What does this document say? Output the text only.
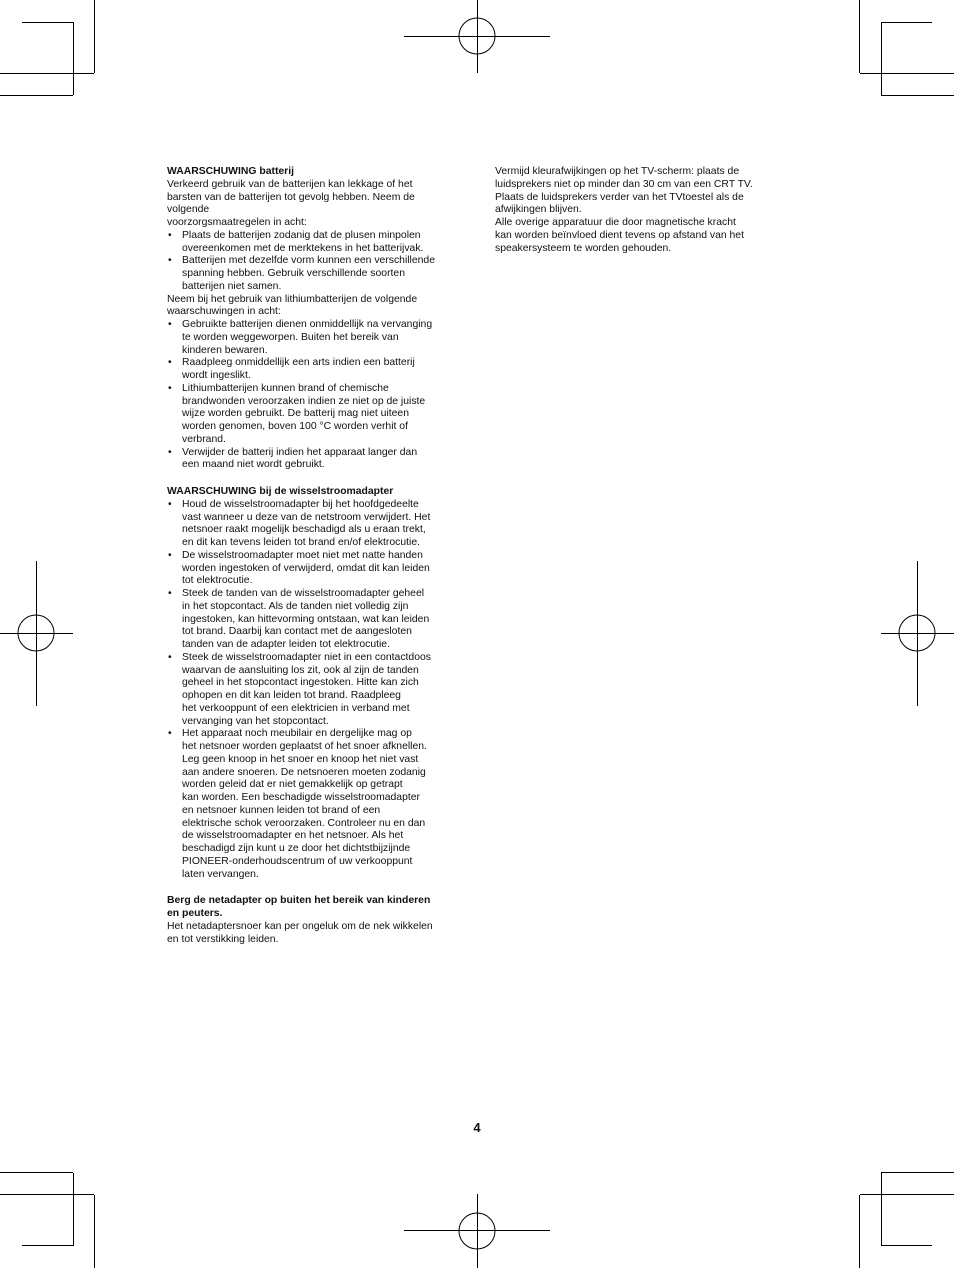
WAARSCHUWING batterij

Verkeerd gebruik van de batterijen kan lekkage of het
barsten van de batterijen tot gevolg hebben. Neem de
volgende
voorzorgsmaatregelen in acht:

• Plaats de batterijen zodanig dat de plusen minpolen
overeenkomen met de merktekens in het batterijvak.
• Batterijen met dezelfde vorm kunnen een verschillende
spanning hebben. Gebruik verschillende soorten
batterijen niet samen.

Neem bij het gebruik van lithiumbatterijen de volgende
waarschuwingen in acht:

• Gebruikte batterijen dienen onmiddellijk na vervanging
te worden weggeworpen. Buiten het bereik van
kinderen bewaren.
• Raadpleeg onmiddellijk een arts indien een batterij
wordt ingeslikt.
• Lithiumbatterijen kunnen brand of chemische
brandwonden veroorzaken indien ze niet op de juiste
wijze worden gebruikt. De batterij mag niet uiteen
worden genomen, boven 100 °C worden verhit of
verbrand.
• Verwijder de batterij indien het apparaat langer dan
een maand niet wordt gebruikt.
WAARSCHUWING bij de wisselstroomadapter
• Houd de wisselstroomadapter bij het hoofdgedeelte
vast wanneer u deze van de netstroom verwijdert. Het
netsnoer raakt mogelijk beschadigd als u eraan trekt,
en dit kan tevens leiden tot brand en/of elektrocutie.
• De wisselstroomadapter moet niet met natte handen
worden ingestoken of verwijderd, omdat dit kan leiden
tot elektrocutie.
• Steek de tanden van de wisselstroomadapter geheel
in het stopcontact. Als de tanden niet volledig zijn
ingestoken, kan hittevorming ontstaan, wat kan leiden
tot brand. Daarbij kan contact met de aangesloten
tanden van de adapter leiden tot elektrocutie.
• Steek de wisselstroomadapter niet in een contactdoos
waarvan de aansluiting los zit, ook al zijn de tanden
geheel in het stopcontact ingestoken. Hitte kan zich
ophopen en dit kan leiden tot brand. Raadpleeg
het verkooppunt of een elektricien in verband met
vervanging van het stopcontact.
• Het apparaat noch meubilair en dergelijke mag op
het netsnoer worden geplaatst of het snoer afknellen.
Leg geen knoop in het snoer en knoop het niet vast
aan andere snoeren. De netsnoeren moeten zodanig
worden geleid dat er niet gemakkelijk op getrapt
kan worden. Een beschadigde wisselstroomadapter
en netsnoer kunnen leiden tot brand of een
elektrische schok veroorzaken. Controleer nu en dan
de wisselstroomadapter en het netsnoer. Als het
beschadigd zijn kunt u ze door het dichtstbijzijnde
PIONEER-onderhoudscentrum of uw verkooppunt
laten vervangen.
Berg de netadapter op buiten het bereik van kinderen
en peuters.

Het netadaptersnoer kan per ongeluk om de nek wikkelen
en tot verstikking leiden.

Vermijd kleurafwijkingen op het TV-scherm: plaats de
luidsprekers niet op minder dan 30 cm van een CRT TV.
Plaats de luidsprekers verder van het TVtoestel als de
afwijkingen blijven.

Alle overige apparatuur die door magnetische kracht
kan worden beïnvloed dient tevens op afstand van het
speakersysteem te worden gehouden.

4
